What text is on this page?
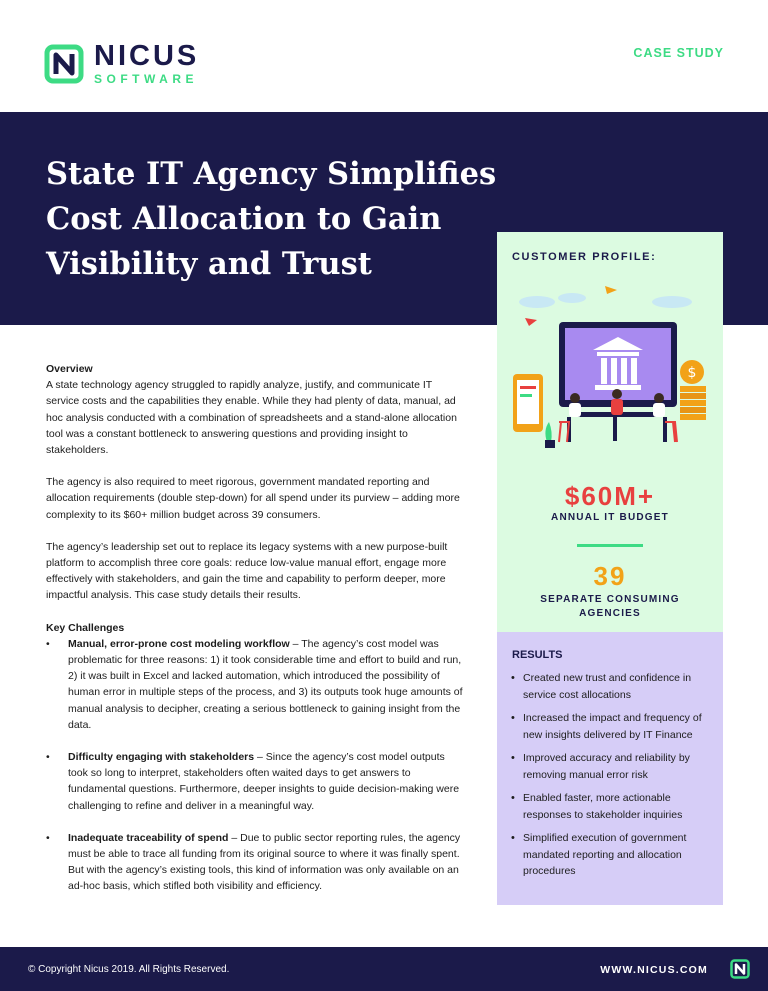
NICUS
SOFTWARE
CASE STUDY
State IT Agency Simplifies Cost Allocation to Gain Visibility and Trust	CUSTOMER PROFILE:
$
$60M+
ANNUAL IT BUDGET
39
SEPARATE CONSUMING AGENCIES
RESULTS
• Created new trust and confidence in service cost allocations
• Increased the impact and frequency of new insights delivered by IT Finance
• Improved accuracy and reliability by removing manual error risk
• Enabled faster, more actionable responses to stakeholder inquiries
• Simplified execution of government mandated reporting and allocation procedures
Overview

A state technology agency struggled to rapidly analyze, justify, and communicate IT service costs and the capabilities they enable. While they had plenty of data, manual, ad hoc analysis conducted with a combination of spreadsheets and a stand-alone allocation tool was a constant bottleneck to answering questions and providing insight to stakeholders.

The agency is also required to meet rigorous, government mandated reporting and allocation requirements (double step-down) for all spend under its purview – adding more complexity to its $60+ million budget across 39 consumers.

The agency’s leadership set out to replace its legacy systems with a new purpose-built platform to accomplish three core goals: reduce low-value manual effort, engage more effectively with stakeholders, and gain the time and capability to perform deeper, more impactful analysis. This case study details their results.

Key Challenges
• Manual, error-prone cost modeling workflow – The agency’s cost model was problematic for three reasons: 1) it took considerable time and effort to build and run, 2) it was built in Excel and lacked automation, which introduced the possibility of human error in multiple steps of the process, and 3) its outputs took huge amounts of manual analysis to decipher, creating a serious bottleneck to gaining insight from the data.
• Difficulty engaging with stakeholders – Since the agency’s cost model outputs took so long to interpret, stakeholders often waited days to get answers to fundamental questions. Furthermore, deeper insights to guide decision-making were challenging to refine and deliver in a meaningful way.
• Inadequate traceability of spend – Due to public sector reporting rules, the agency must be able to trace all funding from its original source to where it was finally spent. But with the agency’s existing tools, this kind of information was only available on an ad-hoc basis, which stifled both visibility and efficiency.
© Copyright Nicus 2019. All Rights Reserved.	WWW.NICUS.COM
